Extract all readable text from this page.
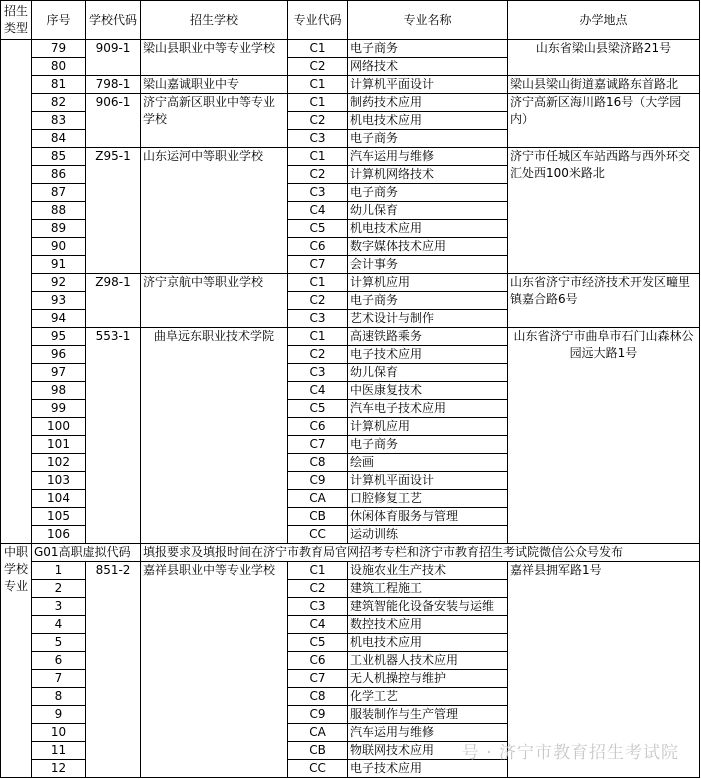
招生类型	序号	学校代码	招生学校	专业代码	专业名称	办学地点
	79	909-1	梁山县职业中等专业学校	C1	电子商务	山东省梁山县梁济路21号
	80			C2	网络技术	
	81	798-1	梁山嘉诚职业中专	C1	计算机平面设计	梁山县梁山街道嘉诚路东首路北
	82	906-1	济宁高新区职业中等专业学校	C1	制药技术应用	济宁高新区海川路16号（大学园内）
	83			C2	机电技术应用	
	84			C3	电子商务	
	85	Z95-1	山东运河中等职业学校	C1	汽车运用与维修	济宁市任城区车站西路与西外环交汇处西100米路北
	86			C2	计算机网络技术	
	87			C3	电子商务	
	88			C4	幼儿保育	
	89			C5	机电技术应用	
	90			C6	数字媒体技术应用	
	91			C7	会计事务	
	92	Z98-1	济宁京航中等职业学校	C1	计算机应用	山东省济宁市经济技术开发区疃里镇嘉合路6号
	93			C2	电子商务	
	94			C3	艺术设计与制作	
	95	553-1	曲阜远东职业技术学院	C1	高速铁路乘务	山东省济宁市曲阜市石门山森林公园远大路1号
	96			C2	电子技术应用	
	97			C3	幼儿保育	
	98			C4	中医康复技术	
	99			C5	汽车电子技术应用	
	100			C6	计算机应用	
	101			C7	电子商务	
	102			C8	绘画	
	103			C9	计算机平面设计	
	104			CA	口腔修复工艺	
	105			CB	休闲体育服务与管理	
	106			CC	运动训练	
中职学校专业	G01高职虚拟代码		填报要求及填报时间在济宁市教育局官网招考专栏和济宁市教育招生考试院微信公众号发布			
	1	851-2	嘉祥县职业中等专业学校	C1	设施农业生产技术	嘉祥县拥军路1号
	2			C2	建筑工程施工	
	3			C3	建筑智能化设备安装与运维	
	4			C4	数控技术应用	
	5			C5	机电技术应用	
	6			C6	工业机器人技术应用	
	7			C7	无人机操控与维护	
	8			C8	化学工艺	
	9			C9	服装制作与生产管理	
	10			CA	汽车运用与维修	
	11			CB	物联网技术应用	
	12			CC	电子技术应用	
号 · 济宁市教育招生考试院
